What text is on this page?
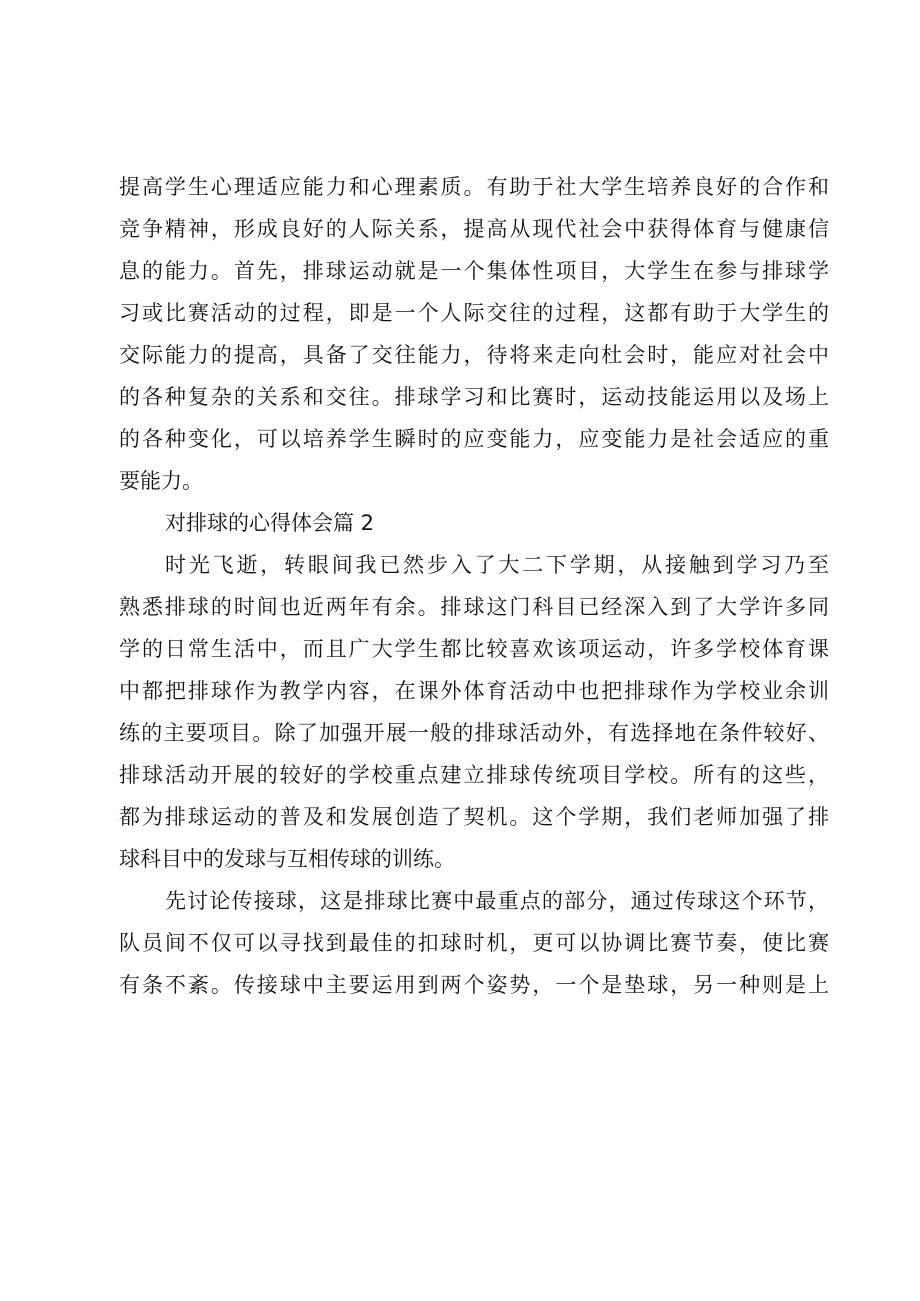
提高学生心理适应能力和心理素质。有助于社大学生培养良好的合作和
竞争精神，形成良好的人际关系，提高从现代社会中获得体育与健康信
息的能力。首先，排球运动就是一个集体性项目，大学生在参与排球学
习或比赛活动的过程，即是一个人际交往的过程，这都有助于大学生的
交际能力的提高，具备了交往能力，待将来走向杜会时，能应对社会中
的各种复杂的关系和交往。排球学习和比赛时，运动技能运用以及场上
的各种变化，可以培养学生瞬时的应变能力，应变能力是社会适应的重
要能力。

对排球的心得体会篇 2

时光飞逝，转眼间我已然步入了大二下学期，从接触到学习乃至
熟悉排球的时间也近两年有余。排球这门科目已经深入到了大学许多同
学的日常生活中，而且广大学生都比较喜欢该项运动，许多学校体育课
中都把排球作为教学内容，在课外体育活动中也把排球作为学校业余训
练的主要项目。除了加强开展一般的排球活动外，有选择地在条件较好、
排球活动开展的较好的学校重点建立排球传统项目学校。所有的这些，
都为排球运动的普及和发展创造了契机。这个学期，我们老师加强了排
球科目中的发球与互相传球的训练。

先讨论传接球，这是排球比赛中最重点的部分，通过传球这个环节，
队员间不仅可以寻找到最佳的扣球时机，更可以协调比赛节奏，使比赛
有条不紊。传接球中主要运用到两个姿势，一个是垫球，另一种则是上
